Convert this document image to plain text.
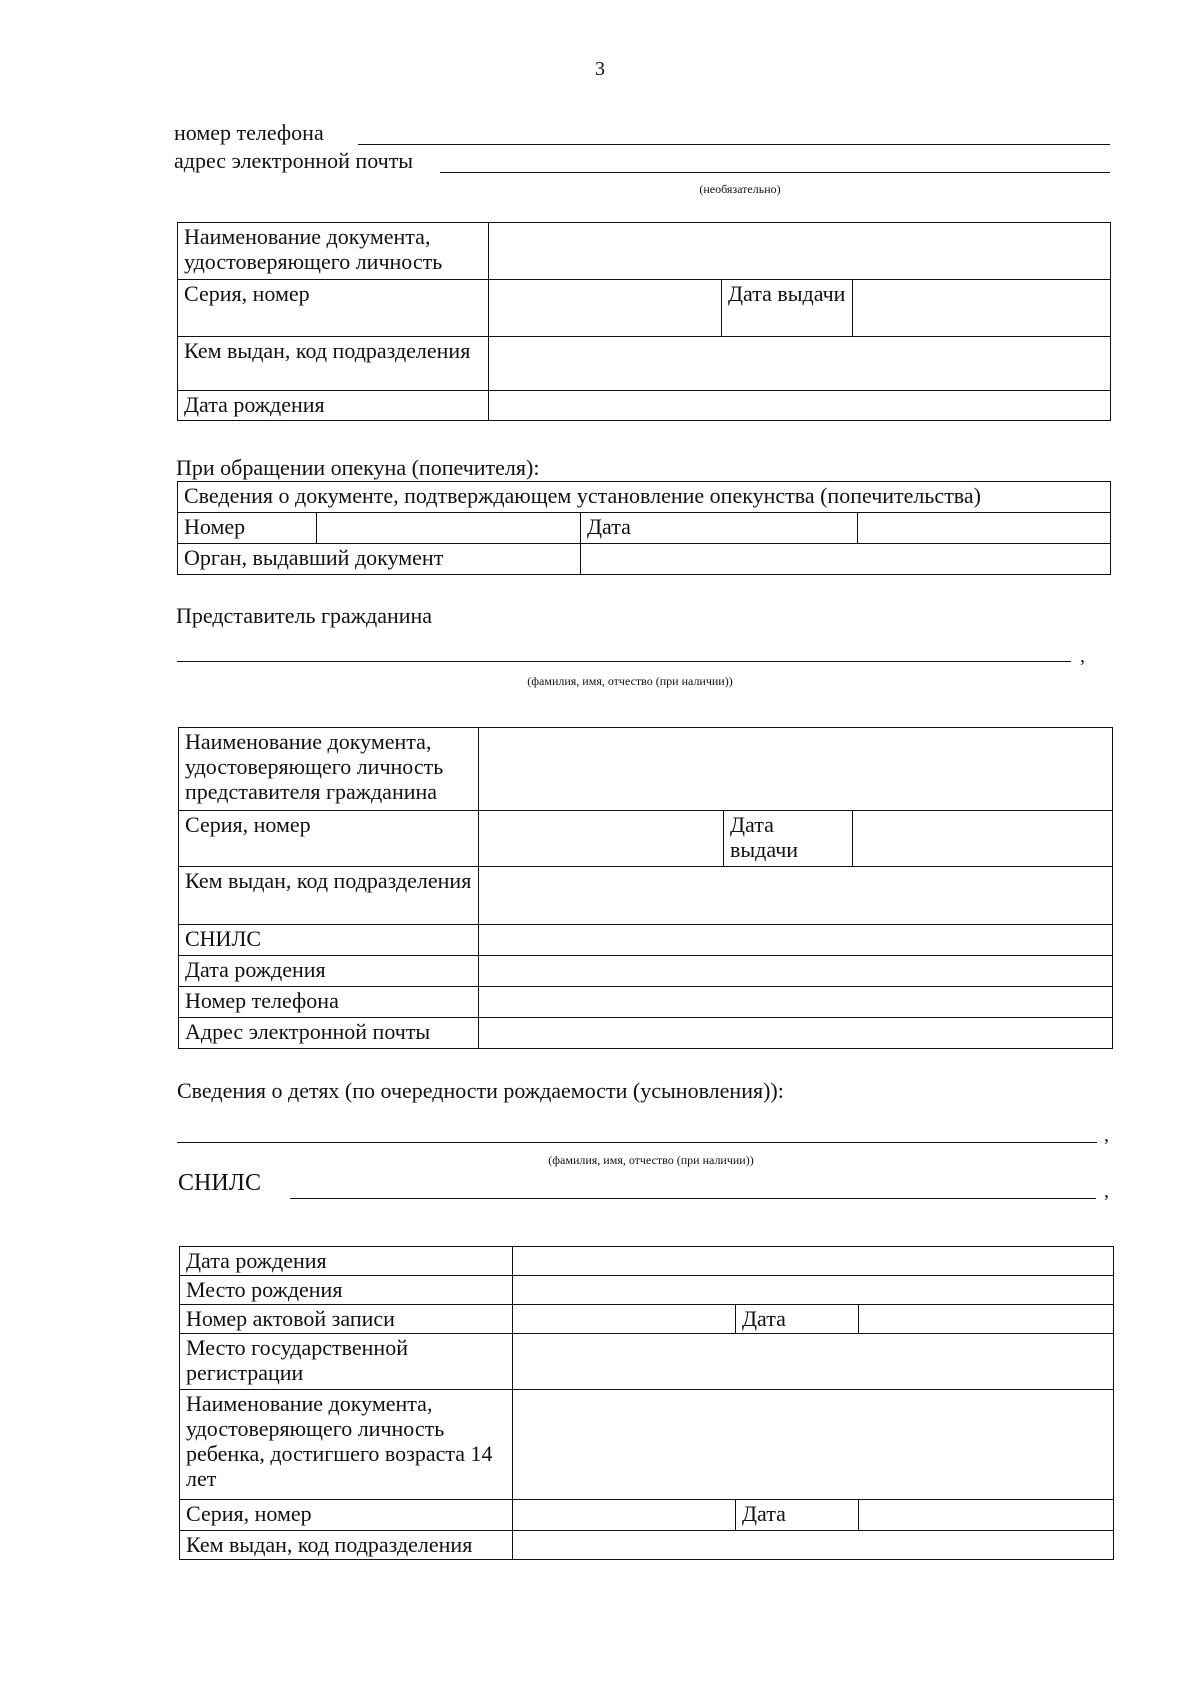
3
номер телефона
адрес электронной почты
(необязательно)
Наименование документа, удостоверяющего личность			
Серия, номер		Дата выдачи	
Кем выдан, код подразделения			
Дата рождения			
При обращении опекуна (попечителя):
Сведения о документе, подтверждающем установление опекунства (попечительства)			
Номер		Дата	
Орган, выдавший документ			
Представитель гражданина
,
(фамилия, имя, отчество (при наличии))
Наименование документа, удостоверяющего личность представителя гражданина			
Серия, номер		Дата выдачи	
Кем выдан, код подразделения			
СНИЛС			
Дата рождения			
Номер телефона			
Адрес электронной почты			
Сведения о детях (по очередности рождаемости (усыновления)):
,
(фамилия, имя, отчество (при наличии))
СНИЛС	,
Дата рождения			
Место рождения			
Номер актовой записи		Дата	
Место государственной регистрации			
Наименование документа, удостоверяющего личность ребенка, достигшего возраста 14 лет			
Серия, номер		Дата	
Кем выдан, код подразделения			
